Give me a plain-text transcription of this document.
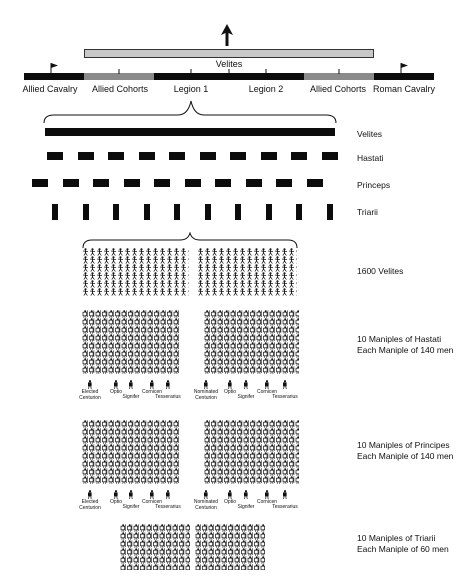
Velites
Allied Cavalry Allied Cohorts	Legion 1	Legion 2	Allied Cohorts Roman Cavalry
Velites
Hastati
Princeps
Triarii
1600 Velites
10 Maniples of Hastati
Each Maniple of 140 men
Elected
Centurion
Optio
Signifer
Cornicen
Tesserarius
Nominated
Centurion
Optio
Signifer
Cornicen
Tesserarius
10 Maniples of Principes
Each Maniple of 140 men
Elected
Centurion
Optio
Signifer
Cornicen
Tesserarius
Nominated
Centurion
Optio
Signifer
Cornicen
Tesserarius
10 Maniples of Triarii
Each Maniple of 60 men
